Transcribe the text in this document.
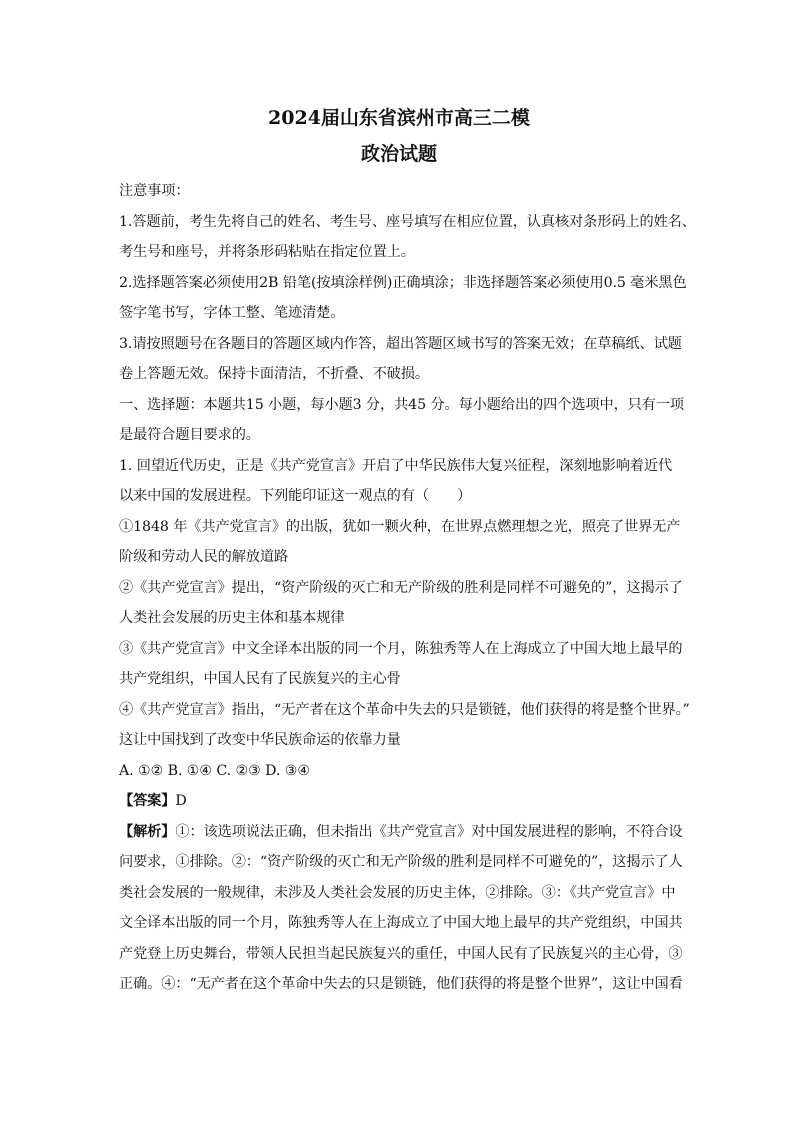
2024届山东省滨州市高三二模

政治试题

注意事项：

1.答题前，考生先将自己的姓名、考生号、座号填写在相应位置，认真核对条形码上的姓名、

考生号和座号，并将条形码粘贴在指定位置上。

2.选择题答案必须使用2B 铅笔(按填涂样例)正确填涂；非选择题答案必须使用0.5 毫米黑色

签字笔书写，字体工整、笔迹清楚。

3.请按照题号在各题目的答题区域内作答，超出答题区域书写的答案无效；在草稿纸、试题

卷上答题无效。保持卡面清洁，不折叠、不破损。

一、选择题：本题共15 小题，每小题3 分，共45 分。每小题给出的四个选项中，只有一项

是最符合题目要求的。

1. 回望近代历史，正是《共产党宣言》开启了中华民族伟大复兴征程，深刻地影响着近代

以来中国的发展进程。下列能印证这一观点的有（　　）

①1848 年《共产党宣言》的出版，犹如一颗火种，在世界点燃理想之光，照亮了世界无产

阶级和劳动人民的解放道路

②《共产党宣言》提出，“资产阶级的灭亡和无产阶级的胜利是同样不可避免的”，这揭示了

人类社会发展的历史主体和基本规律

③《共产党宣言》中文全译本出版的同一个月，陈独秀等人在上海成立了中国大地上最早的

共产党组织，中国人民有了民族复兴的主心骨

④《共产党宣言》指出，“无产者在这个革命中失去的只是锁链，他们获得的将是整个世界。”

这让中国找到了改变中华民族命运的依靠力量

A. ①② B. ①④ C. ②③ D. ③④

【答案】D

【解析】①：该选项说法正确，但未指出《共产党宣言》对中国发展进程的影响，不符合设

问要求，①排除。②：“资产阶级的灭亡和无产阶级的胜利是同样不可避免的”，这揭示了人

类社会发展的一般规律，未涉及人类社会发展的历史主体，②排除。③：《共产党宣言》中

文全译本出版的同一个月，陈独秀等人在上海成立了中国大地上最早的共产党组织，中国共

产党登上历史舞台，带领人民担当起民族复兴的重任，中国人民有了民族复兴的主心骨，③

正确。④：“无产者在这个革命中失去的只是锁链，他们获得的将是整个世界”，这让中国看
